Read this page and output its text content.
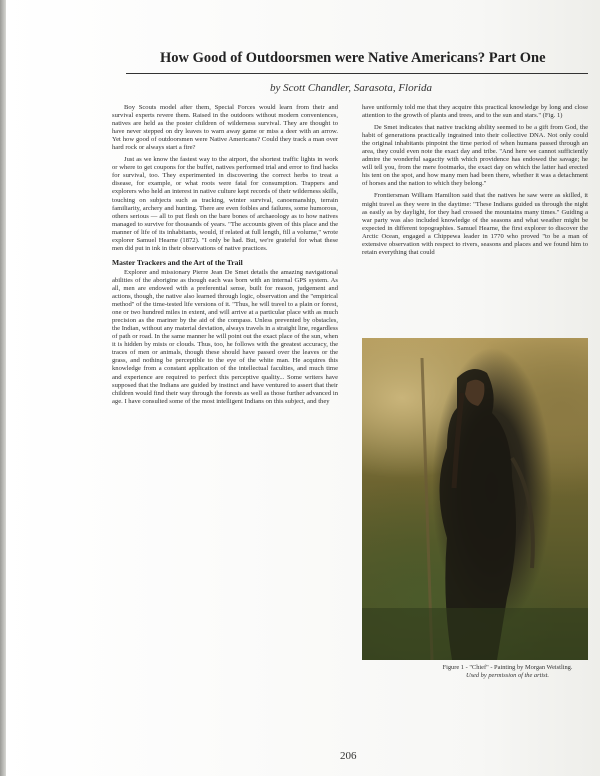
How Good of Outdoorsmen were Native Americans? Part One
by Scott Chandler, Sarasota, Florida

Boy Scouts model after them, Special Forces would learn from their and survival experts revere them. Raised in the outdoors without modern conveniences, natives are held as the poster children of wilderness survival. They are thought to have never stepped on dry leaves to warn away game or miss a deer with an arrow. Yet how good of outdoorsmen were Native Americans? Could they track a man over hard rock or always start a fire?

Just as we know the fastest way to the airport, the shortest traffic lights in work or where to get coupons for the buffet, natives performed trial and error to find hacks for survival, too. They experimented in discovering the correct herbs to treat a disease, for example, or what roots were fatal for consumption. Trappers and explorers who held an interest in native culture kept records of their wilderness skills, touching on subjects such as tracking, winter survival, canoemanship, terrain familiarity, archery and hunting. There are even foibles and failures, some humorous, others serious — all to put flesh on the bare bones of archaeology as to how natives managed to survive for thousands of years. "The accounts given of this place and the manner of life of its inhabitants, would, if related at full length, fill a volume," wrote explorer Samuel Hearne (1872). "I only be had. But, we're grateful for what these men did put in ink in their observations of native practices.

Master Trackers and the Art of the Trail

Explorer and missionary Pierre Jean De Smet details the amazing navigational abilities of the aborigine as though each was born with an internal GPS system. As all, men are endowed with a preferential sense, built for reason, judgement and actions, though, the native also learned through logic, observation and the "empirical method" of the time-tested life versions of it. "Thus, he will travel to a plain or forest, one or two hundred miles in extent, and will arrive at a particular place with as much precision as the mariner by the aid of the compass. Unless prevented by obstacles, the Indian, without any material deviation, always travels in a straight line, regardless of path or road. In the same manner he will point out the exact place of the sun, when it is hidden by mists or clouds. Thus, too, he follows with the greatest accuracy, the traces of men or animals, though these should have passed over the leaves or the grass, and nothing be perceptible to the eye of the white man. He acquires this knowledge from a constant application of the intellectual faculties, and much time and experience are required to perfect this perceptive quality... Some writers have supposed that the Indians are guided by instinct and have ventured to assert that their children would find their way through the forests as well as those further advanced in age. I have consulted some of the most intelligent Indians on this subject, and they

have uniformly told me that they acquire this practical knowledge by long and close attention to the growth of plants and trees, and to the sun and stars." (Fig. 1)

De Smet indicates that native tracking ability seemed to be a gift from God, the habit of generations practically ingrained into their collective DNA. Not only could the original inhabitants pinpoint the time period of when humans passed through an area, they could even note the exact day and tribe. "And here we cannot sufficiently admire the wonderful sagacity with which providence has endowed the savage; he will tell you, from the mere footmarks, the exact day on which the latter had erected his tent on the spot, and how many men had been there, whether it was a detachment of horses and the nation to which they belong."

Frontiersman William Hamilton said that the natives he saw were as skilled, it might travel as they were in the daytime: "These Indians guided us through the night as easily as by daylight, for they had crossed the mountains many times." Guiding a war party was also included knowledge of the seasons and what weather might be expected in different topographies. Samuel Hearne, the first explorer to discover the Arctic Ocean, engaged a Chippewa leader in 1770 who proved "to be a man of extensive observation with respect to rivers, seasons and places and we found him to retain everything that could

Figure 1 - "Chief" - Painting by Morgan Weistling.
Used by permission of the artist.
206
